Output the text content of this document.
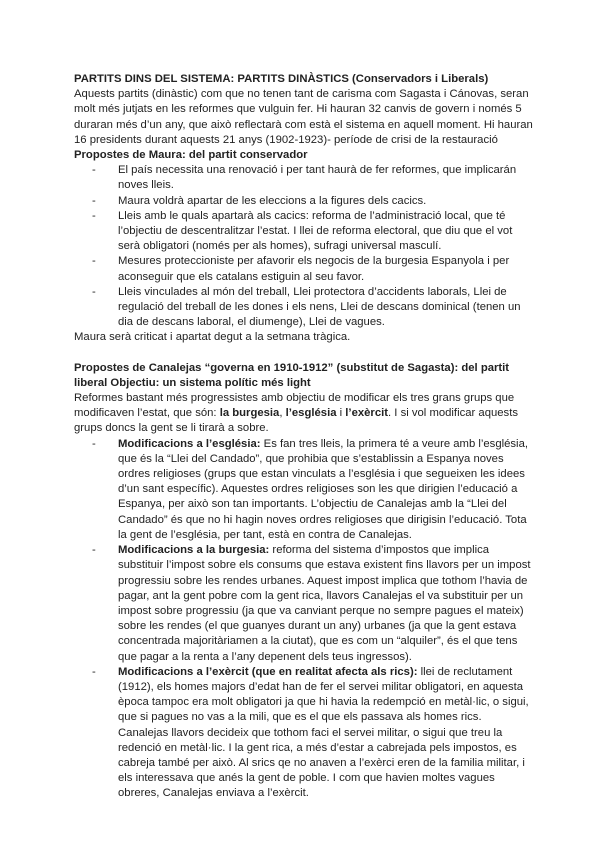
PARTITS DINS DEL SISTEMA: PARTITS DINÀSTICS (Conservadors i Liberals)

Aquests partits (dinàstic) com que no tenen tant de carisma com Sagasta i Cánovas, seran molt més jutjats en les reformes que vulguin fer. Hi hauran 32 canvis de govern i només 5 duraran més d’un any, que això reflectarà com està el sistema en aquell moment. Hi hauran 16 presidents durant aquests 21 anys (1902-1923)- període de crisi de la restauració

Propostes de Maura: del partit conservador

- El país necessita una renovació i per tant haurà de fer reformes, que implicarán noves lleis.
- Maura voldrà apartar de les eleccions a la figures dels cacics.
- Lleis amb le quals apartarà als cacics: reforma de l’administració local, que té l’objectiu de descentralitzar l’estat. I llei de reforma electoral, que diu que el vot serà obligatori (només per als homes), sufragi universal masculí.
- Mesures proteccioniste per afavorir els negocis de la burgesia Espanyola i per aconseguir que els catalans estiguin al seu favor.
- Lleis vinculades al món del treball, Llei protectora d’accidents laborals, Llei de regulació del treball de les dones i els nens, Llei de descans dominical (tenen un dia de descans laboral, el diumenge), Llei de vagues.

Maura serà criticat i apartat degut a la setmana tràgica.

Propostes de Canalejas “governa en 1910-1912” (substitut de Sagasta): del partit liberal Objectiu: un sistema polític més light

Reformes bastant més progressistes amb objectiu de modificar els tres grans grups que modificaven l’estat, que són: la burgesia, l’església i l’exèrcit. I si vol modificar aquests grups doncs la gent se li tirarà a sobre.

- Modificacions a l’església: Es fan tres lleis, la primera té a veure amb l’església, que és la “Llei del Candado”, que prohibia que s’establissin a Espanya noves ordres religioses (grups que estan vinculats a l’església i que segueixen les idees d’un sant específic). Aquestes ordres religioses son les que dirigien l’educació a Espanya, per això son tan importants. L’objectiu de Canalejas amb la “Llei del Candado” és que no hi hagin noves ordres religioses que dirigisin l’educació. Tota la gent de l’església, per tant, està en contra de Canalejas.
- Modificacions a la burgesia: reforma del sistema d’impostos que implica substituir l’impost sobre els consums que estava existent fins llavors per un impost progressiu sobre les rendes urbanes. Aquest impost implica que tothom l’havia de pagar, ant la gent pobre com la gent rica, llavors Canalejas el va substituir per un impost sobre progressiu (ja que va canviant perque no sempre pagues el mateix) sobre les rendes (el que guanyes durant un any) urbanes (ja que la gent estava concentrada majoritàriamen a la ciutat), que es com un “alquiler”, és el que tens que pagar a la renta a l’any depenent dels teus ingressos).
- Modificacions a l’exèrcit (que en realitat afecta als rics): llei de reclutament (1912), els homes majors d’edat han de fer el servei militar obligatori, en aquesta època tampoc era molt obligatori ja que hi havia la redempció en metàl·lic, o sigui, que si pagues no vas a la mili, que es el que els passava als homes rics. Canalejas llavors decideix que tothom faci el servei militar, o sigui que treu la redenció en metàl·lic. I la gent rica, a més d’estar a cabrejada pels impostos, es cabreja també per això. Al srics qe no anaven a l’exèrci eren de la familia militar, i els interessava que anés la gent de poble. I com que havien moltes vagues obreres, Canalejas enviava a l’exèrcit.
